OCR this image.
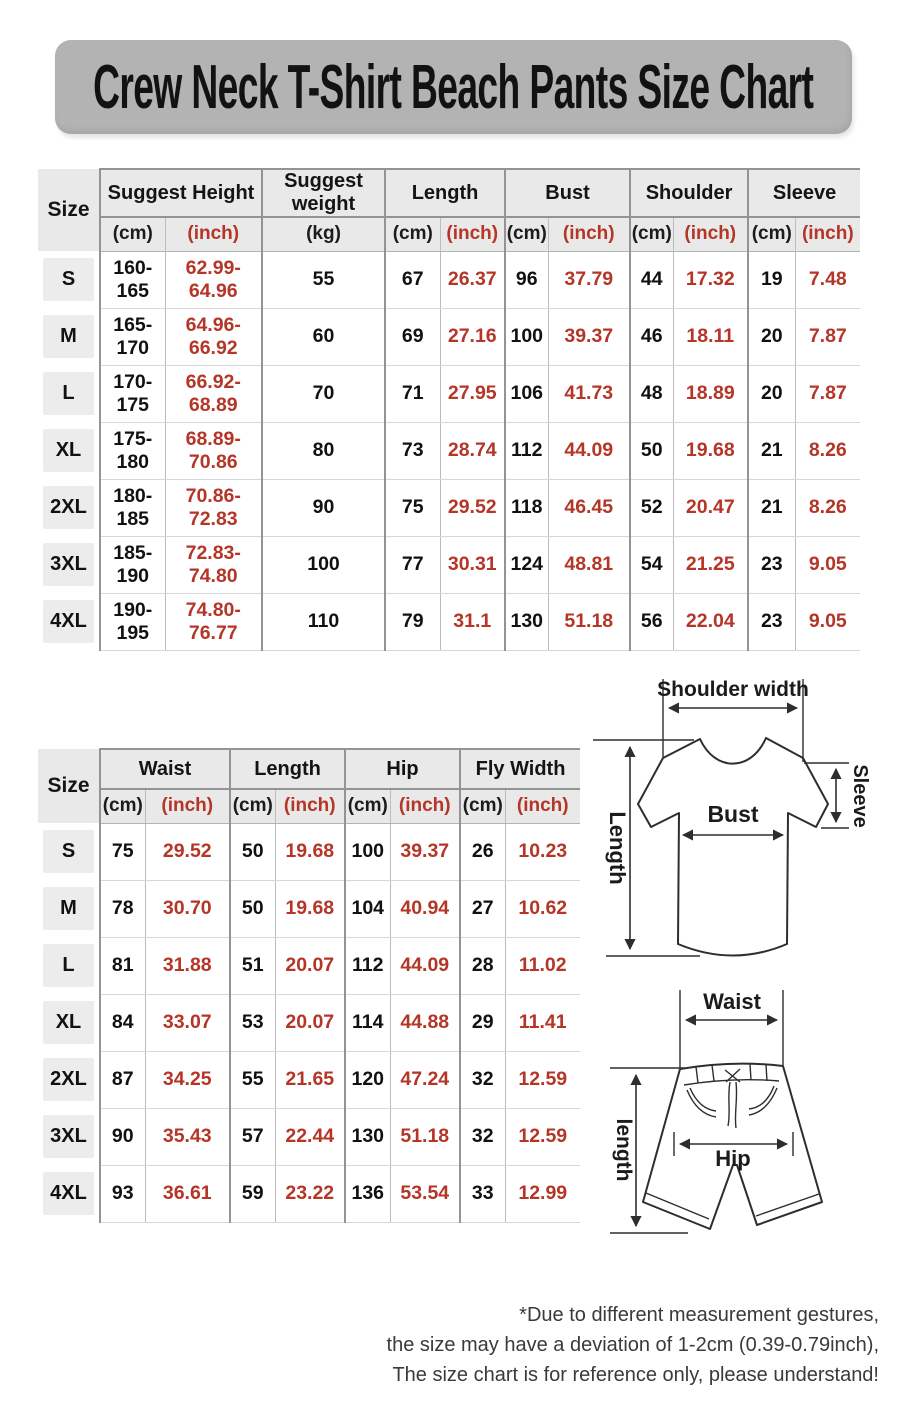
Crew Neck T-Shirt Beach Pants Size Chart
Size	Suggest Height		Suggest weight	Length		Bust		Shoulder		Sleeve	
	(cm)	(inch)	(kg)	(cm)	(inch)	(cm)	(inch)	(cm)	(inch)	(cm)	(inch)

S	160-165	62.99-64.96	55	67	26.37	96	37.79	44	17.32	19	7.48

M	165-170	64.96-66.92	60	69	27.16	100	39.37	46	18.11	20	7.87

L	170-175	66.92-68.89	70	71	27.95	106	41.73	48	18.89	20	7.87

XL	175-180	68.89-70.86	80	73	28.74	112	44.09	50	19.68	21	8.26

2XL	180-185	70.86-72.83	90	75	29.52	118	46.45	52	20.47	21	8.26

3XL	185-190	72.83-74.80	100	77	30.31	124	48.81	54	21.25	23	9.05

4XL	190-195	74.80-76.77	110	79	31.1	130	51.18	56	22.04	23	9.05
Size	Waist		Length		Hip		Fly Width	
	(cm)	(inch)	(cm)	(inch)	(cm)	(inch)	(cm)	(inch)

S	75	29.52	50	19.68	100	39.37	26	10.23

M	78	30.70	50	19.68	104	40.94	27	10.62

L	81	31.88	51	20.07	112	44.09	28	11.02

XL	84	33.07	53	20.07	114	44.88	29	11.41

2XL	87	34.25	55	21.65	120	47.24	32	12.59

3XL	90	35.43	57	22.44	130	51.18	32	12.59

4XL	93	36.61	59	23.22	136	53.54	33	12.99
Shoulder width
Length	Bust	Sleeve
Waist
length	Hip
*Due to different measurement gestures,
the size may have a deviation of 1-2cm (0.39-0.79inch),
The size chart is for reference only, please understand!
